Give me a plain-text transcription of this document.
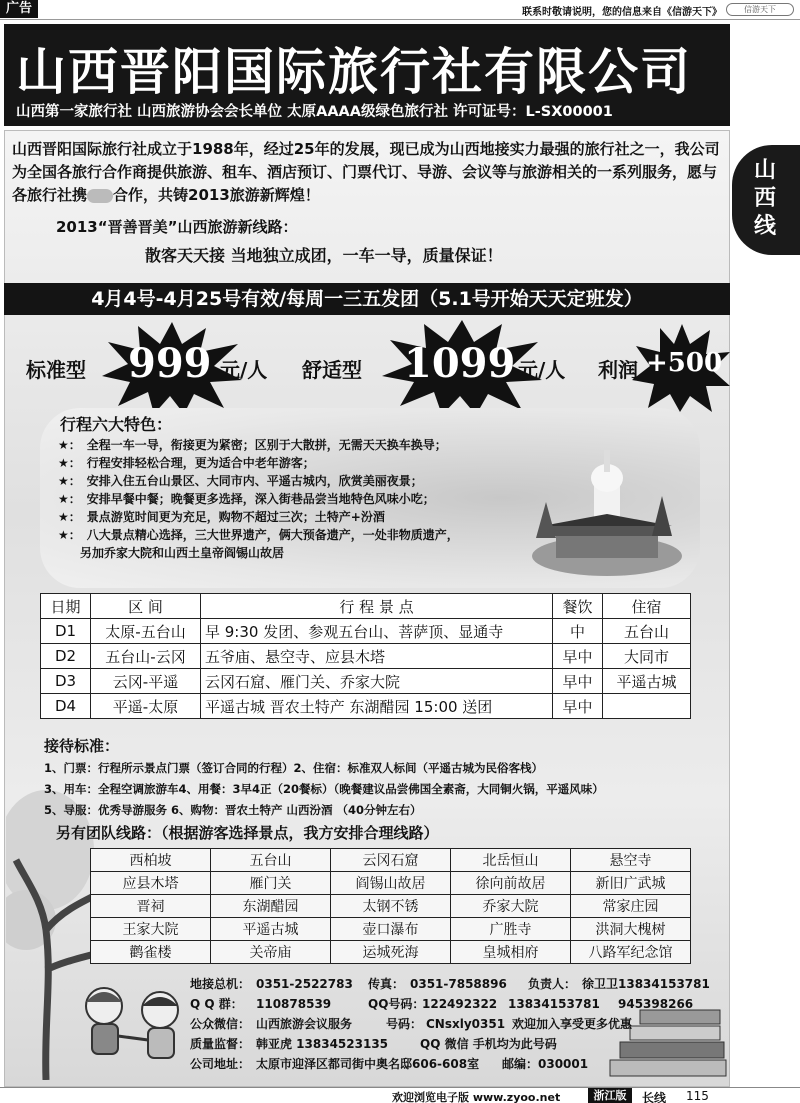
广告	联系时敬请说明，您的信息来自《信游天下》	信游天下
山西晋阳国际旅行社有限公司
山西第一家旅行社 山西旅游协会会长单位 太原AAAA级绿色旅行社 许可证号：L-SX00001
山西线
山西晋阳国际旅行社成立于1988年，经过25年的发展，现已成为山西地接实力最强的旅行社之一，我公司为全国各旅行合作商提供旅游、租车、酒店预订、门票代订、导游、会议等与旅游相关的一系列服务，愿与各旅行社携 合作，共铸2013旅游新辉煌！
2013“晋善晋美”山西旅游新线路：
散客天天接 当地独立成团，一车一导，质量保证！
4月4号-4月25号有效/每周一三五发团（5.1号开始天天定班发）
标准型 999 元/人 舒适型 1099 元/人 利润 +500
行程六大特色：
★： 全程一车一导，衔接更为紧密；区别于大散拼，无需天天换车换导；
★： 行程安排轻松合理，更为适合中老年游客；
★： 安排入住五台山景区、大同市内、平遥古城内，欣赏美丽夜景；
★： 安排早餐中餐；晚餐更多选择，深入街巷品尝当地特色风味小吃；
★： 景点游览时间更为充足，购物不超过三次；土特产+汾酒
★： 八大景点精心选择，三大世界遗产，俩大预备遗产，一处非物质遗产，
另加乔家大院和山西土皇帝阎锡山故居
日期	区 间	行 程 景 点	餐饮	住宿
D1	太原-五台山	早 9:30 发团、参观五台山、菩萨顶、显通寺	中	五台山
D2	五台山-云冈	五爷庙、悬空寺、应县木塔	早中	大同市
D3	云冈-平遥	云冈石窟、雁门关、乔家大院	早中	平遥古城
D4	平遥-太原	平遥古城 晋农土特产 东湖醋园 15:00 送团	早中	
接待标准：
1、门票：行程所示景点门票（签订合同的行程）2、住宿：标准双人标间（平遥古城为民俗客栈）
3、用车：全程空调旅游车4、用餐：3早4正（20餐标）（晚餐建议品尝佛国全素斋，大同铜火锅，平遥风味）
5、导服：优秀导游服务 6、购物：晋农土特产 山西汾酒 （40分钟左右）
另有团队线路：（根据游客选择景点，我方安排合理线路）
西柏坡	五台山	云冈石窟	北岳恒山	悬空寺
应县木塔	雁门关	阎锡山故居	徐向前故居	新旧广武城
晋祠	东湖醋园	太钢不锈	乔家大院	常家庄园
王家大院	平遥古城	壶口瀑布	广胜寺	洪洞大槐树
鹳雀楼	关帝庙	运城死海	皇城相府	八路军纪念馆
地接总机： 0351-2522783 传真： 0351-7858896 负责人： 徐卫卫13834153781
Q Q 群： 110878539	QQ号码：
122492322 13834153781 945398266
公众微信： 山西旅游会议服务	号码： CNsxly0351 欢迎加入享受更多优惠
质量监督： 韩亚虎 13834523135	QQ 微信 手机均为此号码
公司地址： 太原市迎泽区都司街中奥名邸606-608室 邮编： 030001
欢迎浏览电子版 www.zyoo.net	浙江版	长线 115
